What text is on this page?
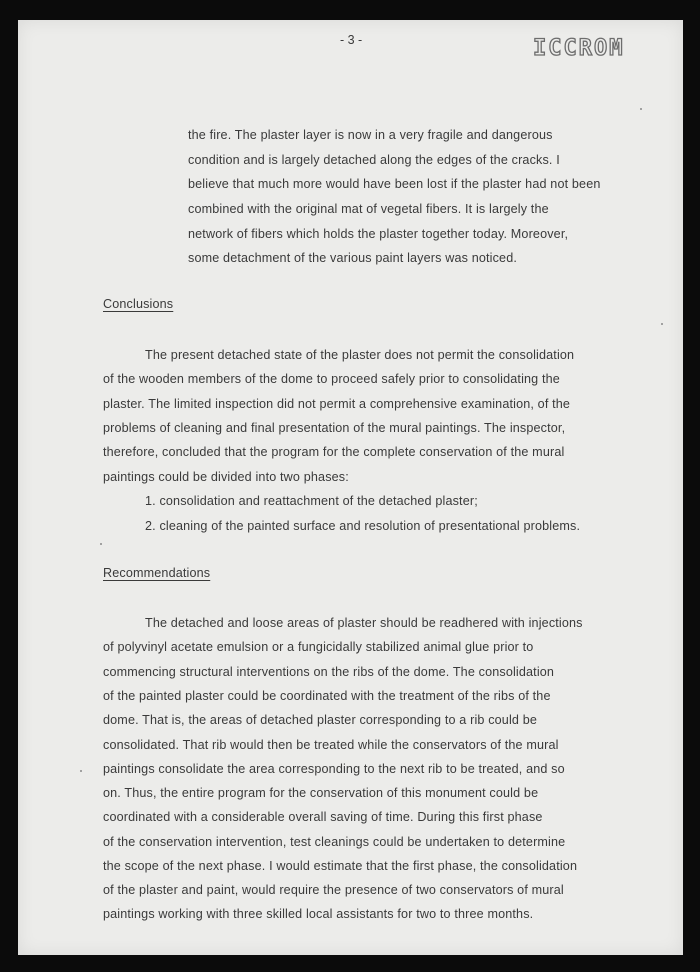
- 3 -	ICCROM
the fire. The plaster layer is now in a very fragile and dangerous
condition and is largely detached along the edges of the cracks. I
believe that much more would have been lost if the plaster had not been
combined with the original mat of vegetal fibers. It is largely the
network of fibers which holds the plaster together today. Moreover,
some detachment of the various paint layers was noticed.
Conclusions
The present detached state of the plaster does not permit the consolidation
of the wooden members of the dome to proceed safely prior to consolidating the
plaster. The limited inspection did not permit a comprehensive examination, of the
problems of cleaning and final presentation of the mural paintings. The inspector,
therefore, concluded that the program for the complete conservation of the mural
paintings could be divided into two phases:
1. consolidation and reattachment of the detached plaster;
2. cleaning of the painted surface and resolution of presentational problems.
Recommendations
The detached and loose areas of plaster should be readhered with injections
of polyvinyl acetate emulsion or a fungicidally stabilized animal glue prior to
commencing structural interventions on the ribs of the dome. The consolidation
of the painted plaster could be coordinated with the treatment of the ribs of the
dome. That is, the areas of detached plaster corresponding to a rib could be
consolidated. That rib would then be treated while the conservators of the mural
paintings consolidate the area corresponding to the next rib to be treated, and so
on. Thus, the entire program for the conservation of this monument could be
coordinated with a considerable overall saving of time. During this first phase
of the conservation intervention, test cleanings could be undertaken to determine
the scope of the next phase. I would estimate that the first phase, the consolidation
of the plaster and paint, would require the presence of two conservators of mural
paintings working with three skilled local assistants for two to three months.
